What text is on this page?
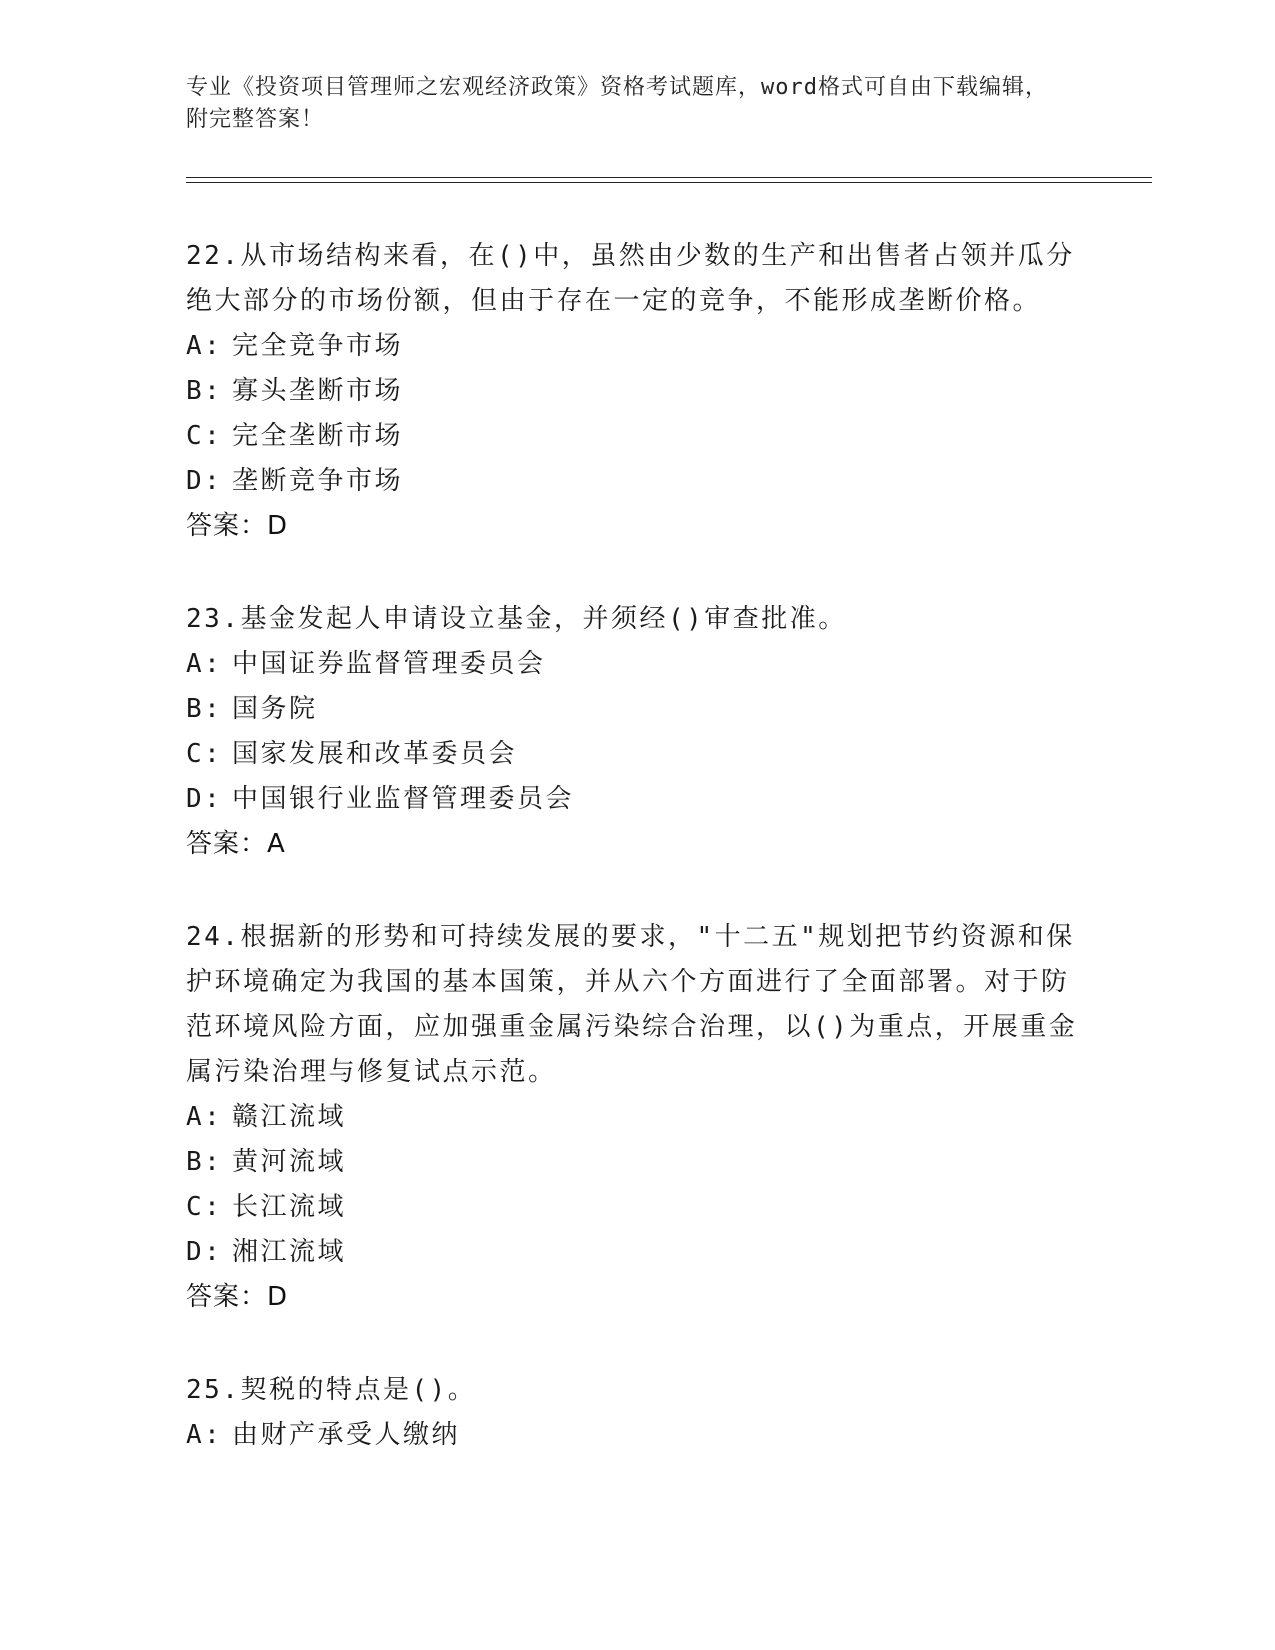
专业《投资项目管理师之宏观经济政策》资格考试题库，word格式可自由下载编辑，附完整答案！
22.从市场结构来看，在()中，虽然由少数的生产和出售者占领并瓜分绝大部分的市场份额，但由于存在一定的竞争，不能形成垄断价格。
A: 完全竞争市场
B: 寡头垄断市场
C: 完全垄断市场
D: 垄断竞争市场
答案：D
23.基金发起人申请设立基金，并须经()审查批准。
A: 中国证券监督管理委员会
B: 国务院
C: 国家发展和改革委员会
D: 中国银行业监督管理委员会
答案：A
24.根据新的形势和可持续发展的要求，"十二五"规划把节约资源和保护环境确定为我国的基本国策，并从六个方面进行了全面部署。对于防范环境风险方面，应加强重金属污染综合治理，以()为重点，开展重金属污染治理与修复试点示范。
A: 赣江流域
B: 黄河流域
C: 长江流域
D: 湘江流域
答案：D
25.契税的特点是()。
A: 由财产承受人缴纳
